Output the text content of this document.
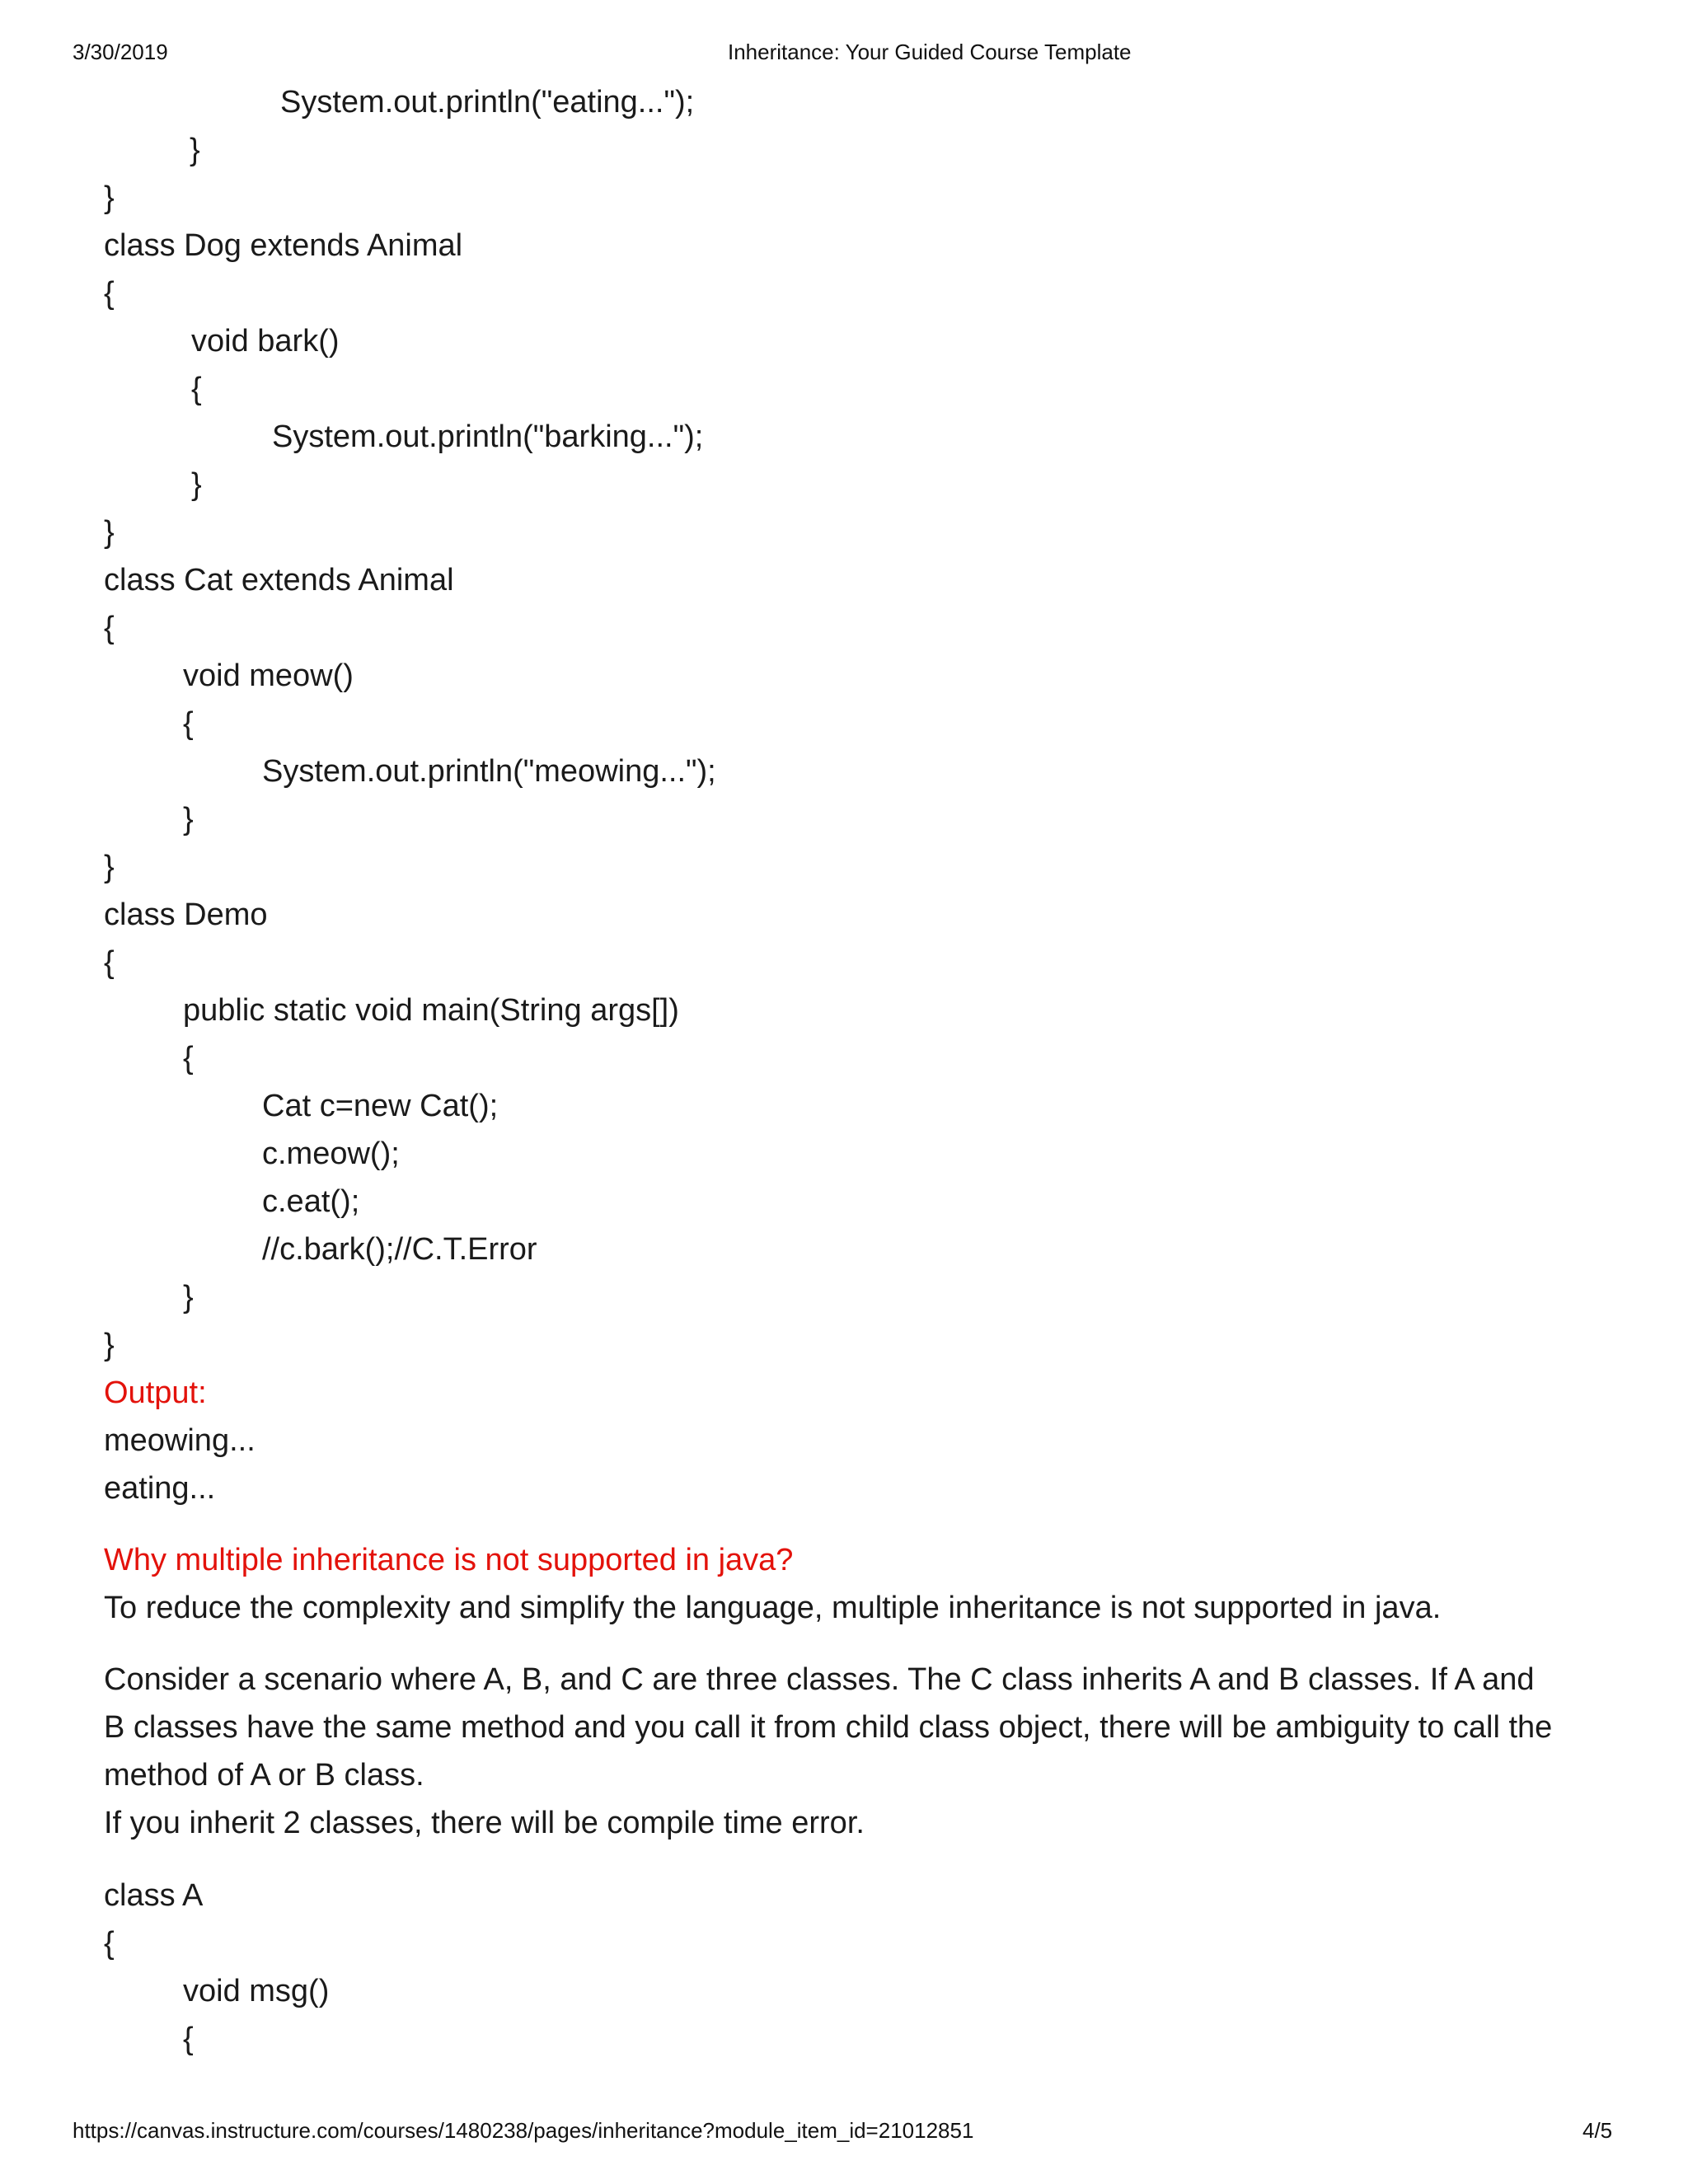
3/30/2019	Inheritance: Your Guided Course Template
System.out.println("eating...");
}
}
class Dog extends Animal
{
void bark()
{
System.out.println("barking...");
}
}
class Cat extends Animal
{
void meow()
{
System.out.println("meowing...");
}
}
class Demo
{
public static void main(String args[])
{
Cat c=new Cat();
c.meow();
c.eat();
//c.bark();//C.T.Error
}
}
Output:
meowing...
eating...
Why multiple inheritance is not supported in java?
To reduce the complexity and simplify the language, multiple inheritance is not supported in java.
Consider a scenario where A, B, and C are three classes. The C class inherits A and B classes. If A and
B classes have the same method and you call it from child class object, there will be ambiguity to call the
method of A or B class.
If you inherit 2 classes, there will be compile time error.
class A
{
void msg()
{
https://canvas.instructure.com/courses/1480238/pages/inheritance?module_item_id=21012851	4/5
